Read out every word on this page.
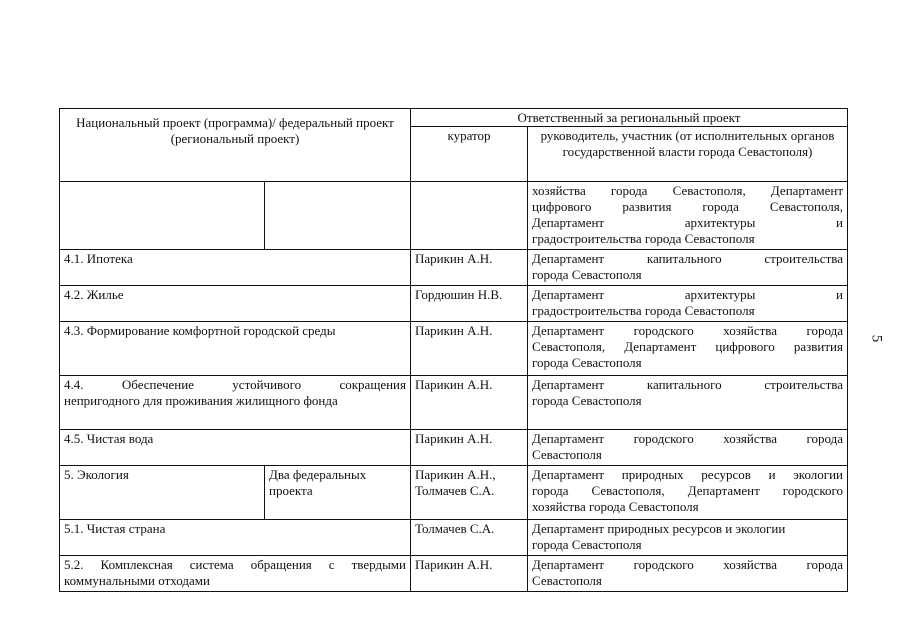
Национальный проект (программа)/ федеральный проект (региональный проект)		Ответственный за региональный проект	
		куратор	руководитель, участник (от исполнительных органов государственной власти города Севастополя)

			хозяйства города Севастополя, Департамент
цифрового развития города Севастополя,
Департамент архитектуры и
градостроительства города Севастополя

4.1. Ипотека		Парикин А.Н.	Департамент капитального строительства
города Севастополя

4.2. Жилье		Гордюшин Н.В.	Департамент архитектуры и
градостроительства города Севастополя

4.3. Формирование комфортной городской среды		Парикин А.Н.	Департамент городского хозяйства города
Севастополя, Департамент цифрового развития
города Севастополя

4.4. Обеспечение устойчивого сокращения
непригодного для проживания жилищного фонда		Парикин А.Н.	Департамент капитального строительства
города Севастополя

4.5. Чистая вода		Парикин А.Н.	Департамент городского хозяйства города
Севастополя

5. Экология	Два федеральных проекта	Парикин А.Н.,
Толмачев С.А.	Департамент природных ресурсов и экологии
города Севастополя, Департамент городского
хозяйства города Севастополя

5.1. Чистая страна		Толмачев С.А.	Департамент природных ресурсов и экологии
города Севастополя

5.2. Комплексная система обращения с твердыми
коммунальными отходами		Парикин А.Н.	Департамент городского хозяйства города
Севастополя
5
